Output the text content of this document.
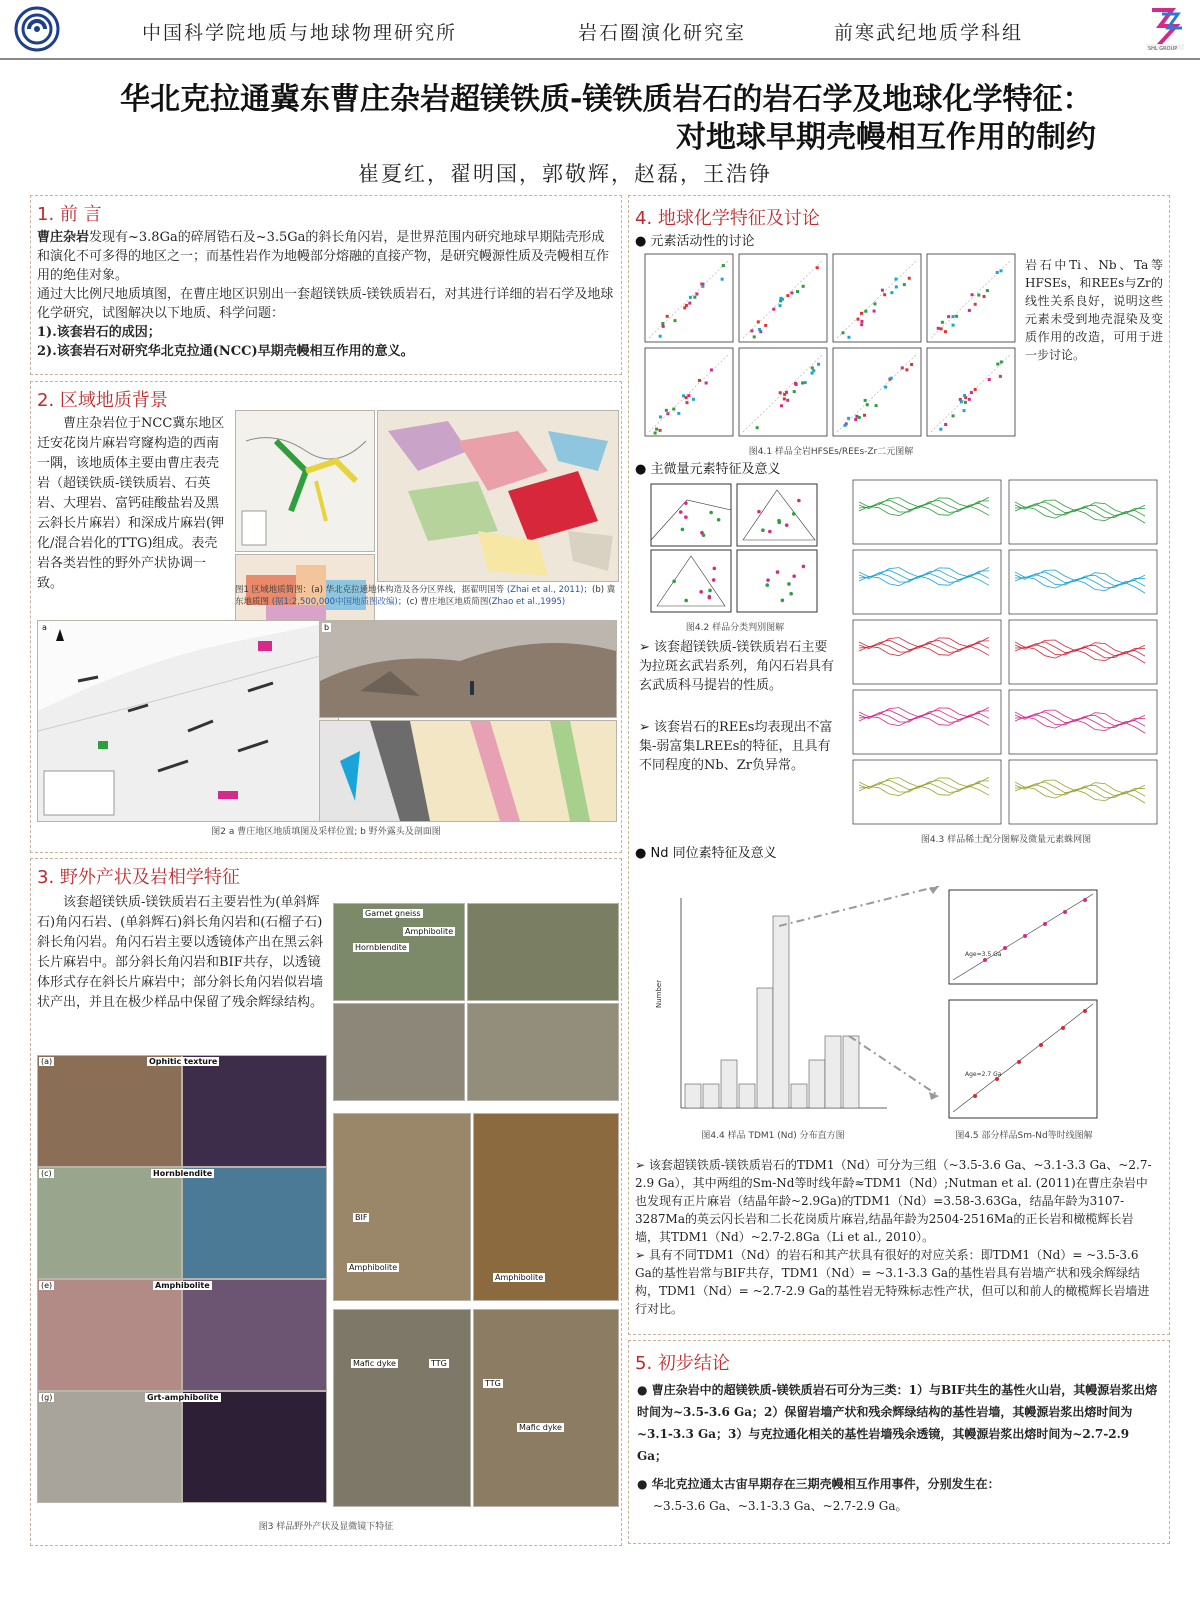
中国科学院地质与地球物理研究所	岩石圈演化研究室	前寒武纪地质学科组
SHL GROUP
华北克拉通冀东曹庄杂岩超镁铁质-镁铁质岩石的岩石学及地球化学特征：
对地球早期壳幔相互作用的制约
崔夏红，翟明国，郭敬辉，赵磊，王浩铮
1. 前 言
曹庄杂岩发现有~3.8Ga的碎屑锆石及~3.5Ga的斜长角闪岩，是世界范围内研究地球早期陆壳形成和演化不可多得的地区之一；而基性岩作为地幔部分熔融的直接产物，是研究幔源性质及壳幔相互作用的绝佳对象。
通过大比例尺地质填图，在曹庄地区识别出一套超镁铁质-镁铁质岩石，对其进行详细的岩石学及地球化学研究，试图解决以下地质、科学问题：
1).该套岩石的成因；
2).该套岩石对研究华北克拉通(NCC)早期壳幔相互作用的意义。
2. 区域地质背景
曹庄杂岩位于NCC冀东地区迁安花岗片麻岩穹窿构造的西南一隅，该地质体主要由曹庄表壳岩（超镁铁质-镁铁质岩、石英岩、大理岩、富钙硅酸盐岩及黑云斜长片麻岩）和深成片麻岩(钾化/混合岩化的TTG)组成。表壳岩各类岩性的野外产状协调一致。	图1 区域地质简图：(a) 华北克拉通地体构造及各分区界线，据翟明国等 (Zhai et al., 2011)；(b) 冀东地质图 (据1:2,500,000中国地质图改编)；(c) 曹庄地区地质简图(Zhao et al.,1995)
a	b
图2 a 曹庄地区地质填图及采样位置; b 野外露头及剖面图
3. 野外产状及岩相学特征
该套超镁铁质-镁铁质岩石主要岩性为(单斜辉石)角闪石岩、(单斜辉石)斜长角闪岩和(石榴子石)斜长角闪岩。角闪石岩主要以透镜体产出在黑云斜长片麻岩中。部分斜长角闪岩和BIF共存，以透镜体形式存在斜长片麻岩中；部分斜长角闪岩似岩墙状产出，并且在极少样品中保留了残余辉绿结构。
(a)	Ophitic texture
(c)	Hornblendite
(e)	Amphibolite
(g)	Grt-amphibolite
Garnet gneiss
Amphibolite
Hornblendite
BIF
Amphibolite
Amphibolite
Mafic dyke	TTG
TTG
Mafic dyke
图3 样品野外产状及显微镜下特征
4. 地球化学特征及讨论
● 元素活动性的讨论
岩石中Ti、Nb、Ta等HFSEs，和REEs与Zr的线性关系良好，说明这些元素未受到地壳混染及变质作用的改造，可用于进一步讨论。
图4.1 样品全岩HFSEs/REEs-Zr二元图解
● 主微量元素特征及意义
图4.2 样品分类判别图解
图4.3 样品稀土配分图解及微量元素蛛网图
➢ 该套超镁铁质-镁铁质岩石主要为拉斑玄武岩系列，角闪石岩具有玄武质科马提岩的性质。
➢ 该套岩石的REEs均表现出不富集-弱富集LREEs的特征，且具有不同程度的Nb、Zr负异常。
● Nd 同位素特征及意义
Number
图4.4 样品 TDM1 (Nd) 分布直方图
Age=3.5 Ga
Age=2.7 Ga
图4.5 部分样品Sm-Nd等时线图解
➢ 该套超镁铁质-镁铁质岩石的TDM1（Nd）可分为三组（~3.5-3.6 Ga、~3.1-3.3 Ga、~2.7-2.9 Ga），其中两组的Sm-Nd等时线年龄≈TDM1（Nd）;Nutman et al. (2011)在曹庄杂岩中也发现有正片麻岩（结晶年龄~2.9Ga)的TDM1（Nd）=3.58-3.63Ga，结晶年龄为3107-3287Ma的英云闪长岩和二长花岗质片麻岩,结晶年龄为2504-2516Ma的正长岩和橄榄辉长岩墙，其TDM1（Nd）~2.7-2.8Ga（Li et al., 2010）。
➢ 具有不同TDM1（Nd）的岩石和其产状具有很好的对应关系：即TDM1（Nd）= ~3.5-3.6 Ga的基性岩常与BIF共存，TDM1（Nd）= ~3.1-3.3 Ga的基性岩具有岩墙产状和残余辉绿结构，TDM1（Nd）= ~2.7-2.9 Ga的基性岩无特殊标志性产状，但可以和前人的橄榄辉长岩墙进行对比。
5. 初步结论
● 曹庄杂岩中的超镁铁质-镁铁质岩石可分为三类：1）与BIF共生的基性火山岩，其幔源岩浆出熔时间为~3.5-3.6 Ga；2）保留岩墙产状和残余辉绿结构的基性岩墙，其幔源岩浆出熔时间为~3.1-3.3 Ga；3）与克拉通化相关的基性岩墙残余透镜，其幔源岩浆出熔时间为~2.7-2.9 Ga；
● 华北克拉通太古宙早期存在三期壳幔相互作用事件，分别发生在：
~3.5-3.6 Ga、~3.1-3.3 Ga、~2.7-2.9 Ga。
